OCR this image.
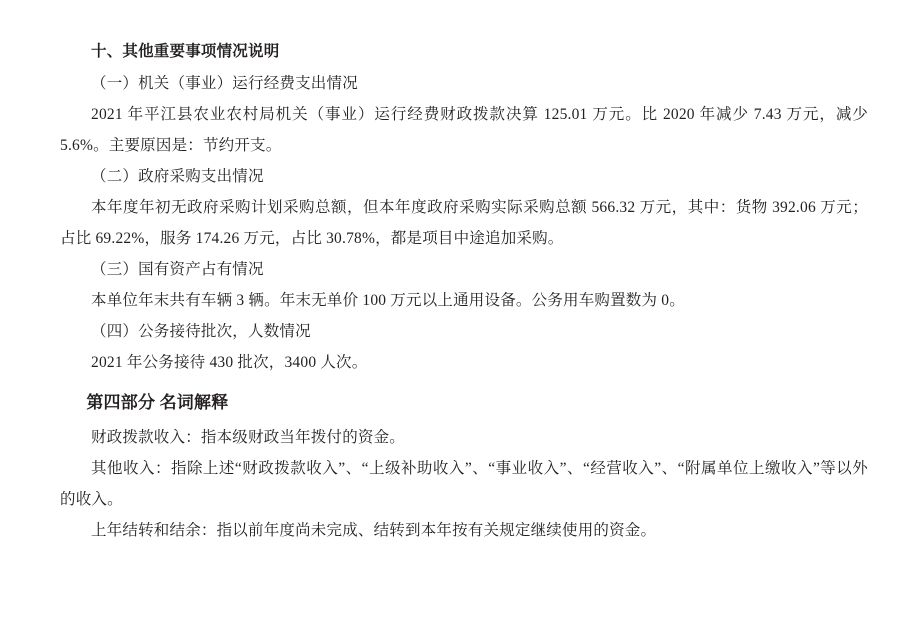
十、其他重要事项情况说明

（一）机关（事业）运行经费支出情况

2021 年平江县农业农村局机关（事业）运行经费财政拨款决算 125.01 万元。比 2020 年减少 7.43 万元，减少 5.6%。主要原因是：节约开支。

（二）政府采购支出情况

本年度年初无政府采购计划采购总额，但本年度政府采购实际采购总额 566.32 万元，其中：货物 392.06 万元；占比 69.22%，服务 174.26 万元，占比 30.78%，都是项目中途追加采购。

（三）国有资产占有情况

本单位年末共有车辆 3 辆。年末无单价 100 万元以上通用设备。公务用车购置数为 0。

（四）公务接待批次，人数情况

2021 年公务接待 430 批次，3400 人次。

第四部分 名词解释

财政拨款收入：指本级财政当年拨付的资金。

其他收入：指除上述“财政拨款收入”、“上级补助收入”、“事业收入”、“经营收入”、“附属单位上缴收入”等以外的收入。

上年结转和结余：指以前年度尚未完成、结转到本年按有关规定继续使用的资金。
